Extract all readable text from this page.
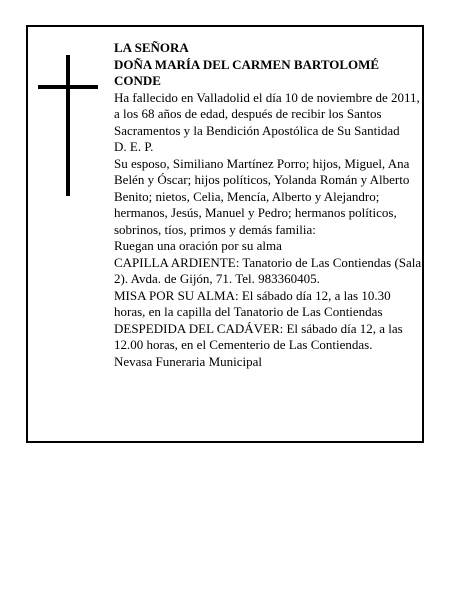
LA SEÑORA

DOÑA MARÍA DEL CARMEN BARTOLOMÉ CONDE

Ha fallecido en Valladolid el día 10 de noviembre de 2011, a los 68 años de edad, después de recibir los Santos Sacramentos y la Bendición Apostólica de Su Santidad

D. E. P.

Su esposo, Similiano Martínez Porro; hijos, Miguel, Ana Belén y Óscar; hijos políticos, Yolanda Román y Alberto Benito; nietos, Celia, Mencía, Alberto y Alejandro; hermanos, Jesús, Manuel y Pedro; hermanos políticos, sobrinos, tíos, primos y demás familia:

Ruegan una oración por su alma

CAPILLA ARDIENTE: Tanatorio de Las Contiendas (Sala 2). Avda. de Gijón, 71. Tel. 983360405.

MISA POR SU ALMA: El sábado día 12, a las 10.30 horas, en la capilla del Tanatorio de Las Contiendas

DESPEDIDA DEL CADÁVER: El sábado día 12, a las 12.00 horas, en el Cementerio de Las Contiendas.

Nevasa Funeraria Municipal
